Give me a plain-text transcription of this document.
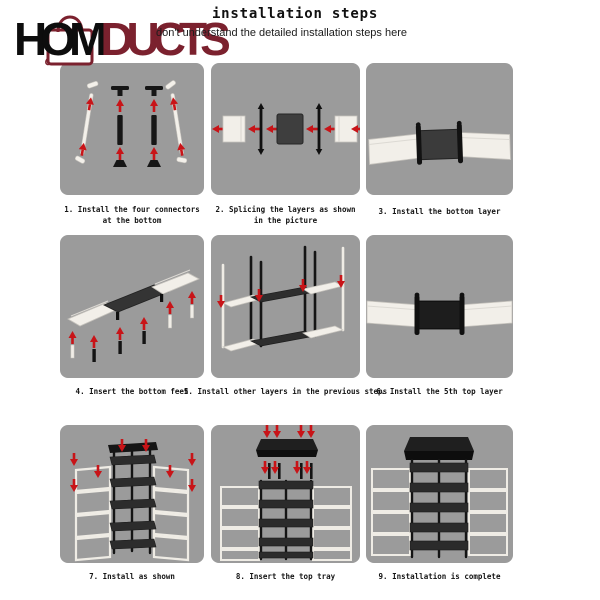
HOMDUCTS
installation steps
don't understand the detailed installation steps here
1. Install the four connectors
at the bottom
2. Splicing the layers as shown
in the picture
3. Install the bottom layer
4. Insert the bottom feet
5. Install other layers in the previous steps
6. Install the 5th top layer
7. Install as shown	8. Insert the top tray	9. Installation is complete
